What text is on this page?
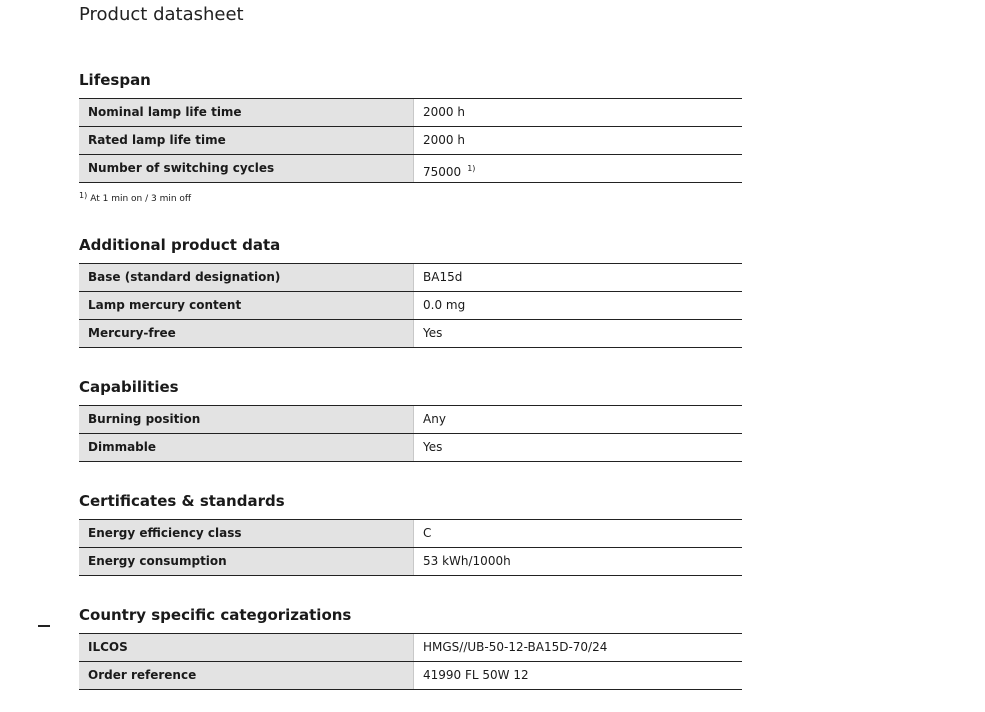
Product datasheet
Lifespan
Nominal lamp life time	2000 h
Rated lamp life time	2000 h
Number of switching cycles	75000 $^{1)}$
$^{1)}$ At 1 min on / 3 min off
Additional product data
Base (standard designation)	BA15d
Lamp mercury content	0.0 mg
Mercury-free	Yes
Capabilities
Burning position	Any
Dimmable	Yes
Certificates & standards
Energy efficiency class	C
Energy consumption	53 kWh/1000h
Country specific categorizations
ILCOS	HMGS//UB-50-12-BA15D-70/24
Order reference	41990 FL 50W 12
